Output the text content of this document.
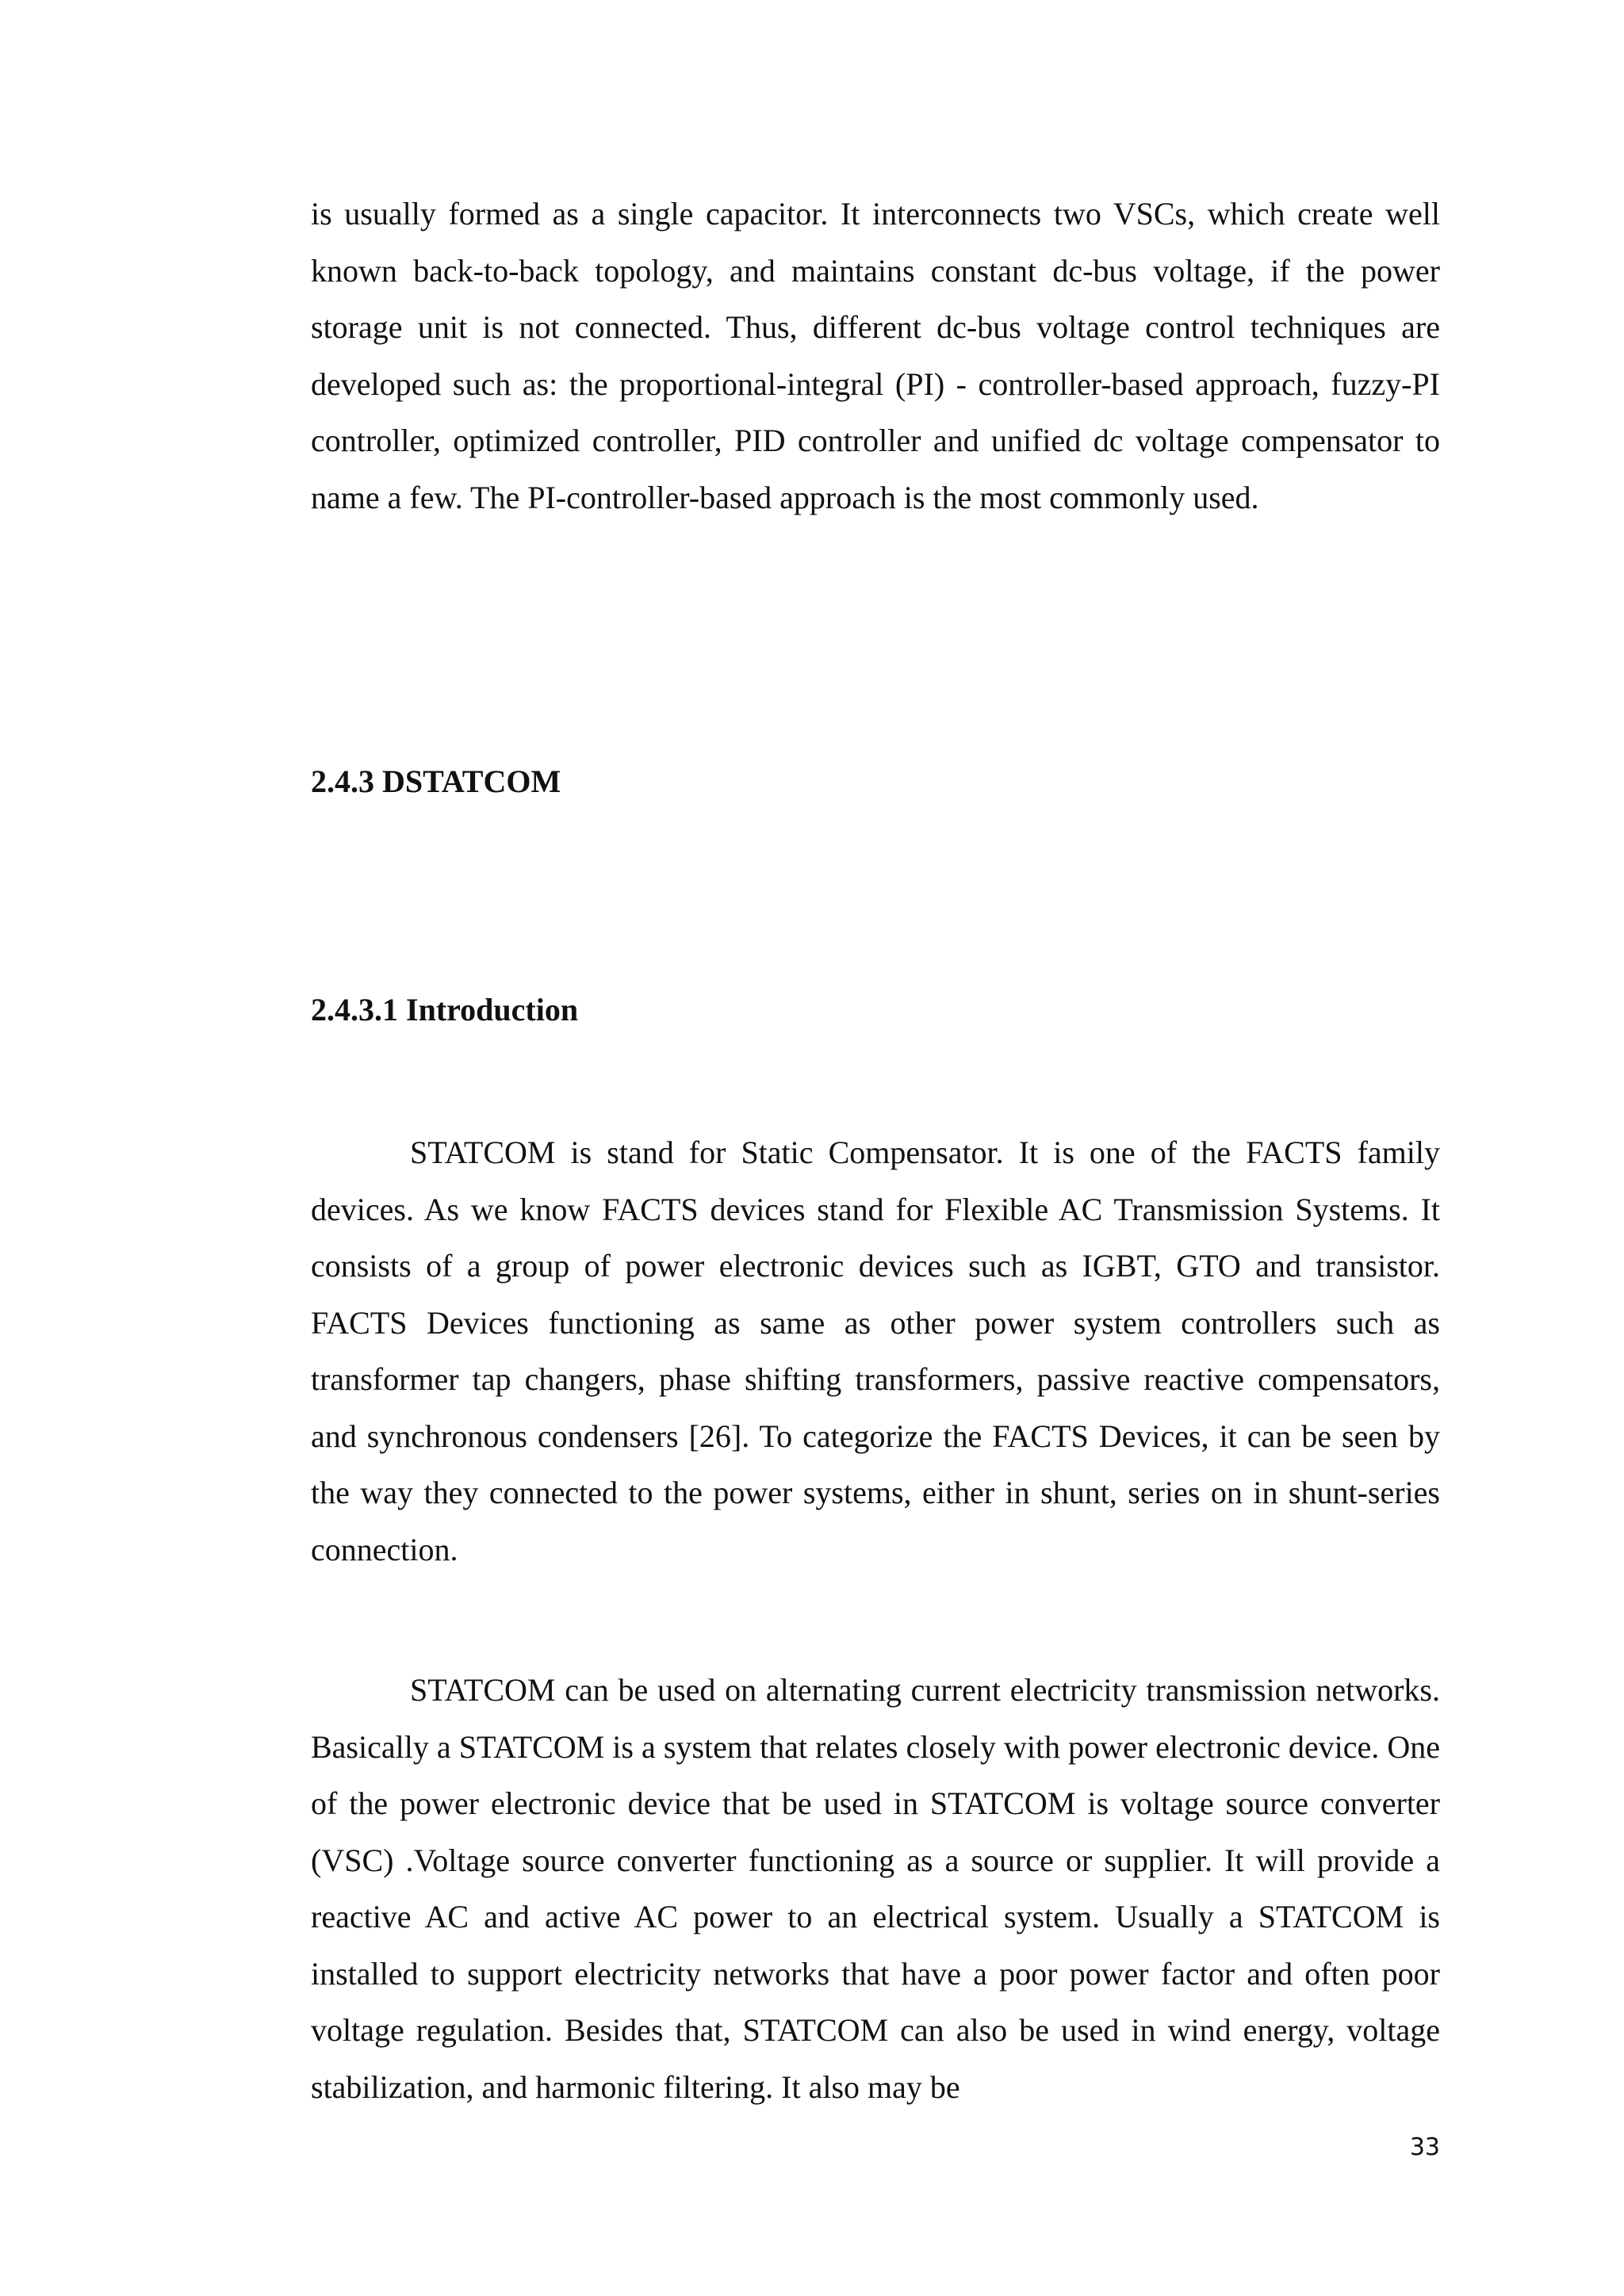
is usually formed as a single capacitor. It interconnects two VSCs, which create well known back-to-back topology, and maintains constant dc-bus voltage, if the power storage unit is not connected. Thus, different dc-bus voltage control techniques are developed such as: the proportional-integral (PI) - controller-based approach, fuzzy-PI controller, optimized controller, PID controller and unified dc voltage compensator to name a few. The PI-controller-based approach is the most commonly used.

2.4.3 DSTATCOM
2.4.3.1 Introduction

STATCOM is stand for Static Compensator. It is one of the FACTS family devices. As we know FACTS devices stand for Flexible AC Transmission Systems. It consists of a group of power electronic devices such as IGBT, GTO and transistor. FACTS Devices functioning as same as other power system controllers such as transformer tap changers, phase shifting transformers, passive reactive compensators, and synchronous condensers [26]. To categorize the FACTS Devices, it can be seen by the way they connected to the power systems, either in shunt, series on in shunt-series connection.

STATCOM can be used on alternating current electricity transmission networks. Basically a STATCOM is a system that relates closely with power electronic device. One of the power electronic device that be used in STATCOM is voltage source converter (VSC) .Voltage source converter functioning as a source or supplier. It will provide a reactive AC and active AC power to an electrical system. Usually a STATCOM is installed to support electricity networks that have a poor power factor and often poor voltage regulation. Besides that, STATCOM can also be used in wind energy, voltage stabilization, and harmonic filtering. It also may be

33
